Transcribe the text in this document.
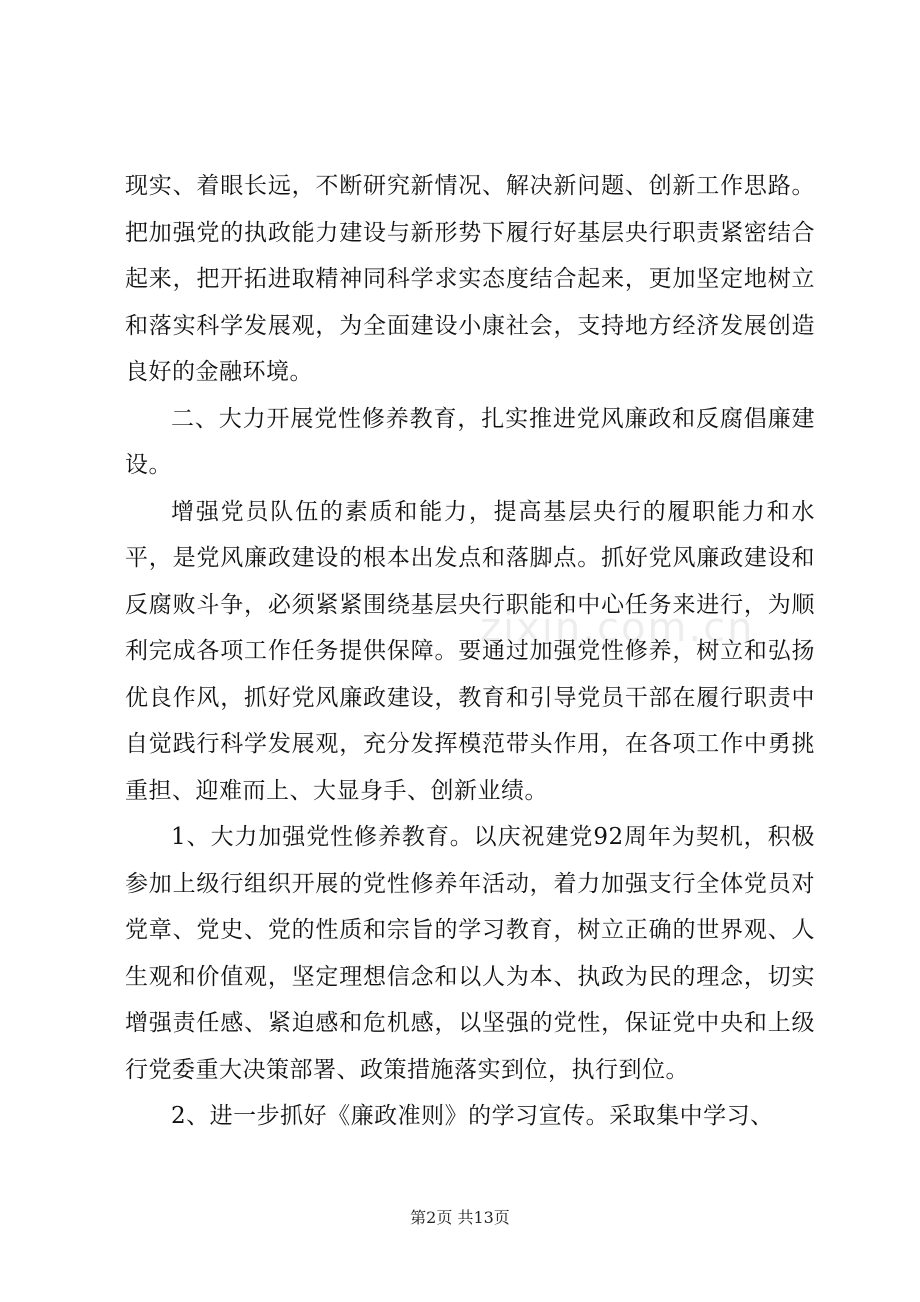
zixin.com.cn

现实、着眼长远，不断研究新情况、解决新问题、创新工作思路。把加强党的执政能力建设与新形势下履行好基层央行职责紧密结合起来，把开拓进取精神同科学求实态度结合起来，更加坚定地树立和落实科学发展观，为全面建设小康社会，支持地方经济发展创造良好的金融环境。

二、大力开展党性修养教育，扎实推进党风廉政和反腐倡廉建设。

增强党员队伍的素质和能力，提高基层央行的履职能力和水平，是党风廉政建设的根本出发点和落脚点。抓好党风廉政建设和反腐败斗争，必须紧紧围绕基层央行职能和中心任务来进行，为顺利完成各项工作任务提供保障。要通过加强党性修养，树立和弘扬优良作风，抓好党风廉政建设，教育和引导党员干部在履行职责中自觉践行科学发展观，充分发挥模范带头作用，在各项工作中勇挑重担、迎难而上、大显身手、创新业绩。

1、大力加强党性修养教育。以庆祝建党92周年为契机，积极参加上级行组织开展的党性修养年活动，着力加强支行全体党员对党章、党史、党的性质和宗旨的学习教育，树立正确的世界观、人生观和价值观，坚定理想信念和以人为本、执政为民的理念，切实增强责任感、紧迫感和危机感，以坚强的党性，保证党中央和上级行党委重大决策部署、政策措施落实到位，执行到位。

2、进一步抓好《廉政准则》的学习宣传。采取集中学习、

第2页 共13页
